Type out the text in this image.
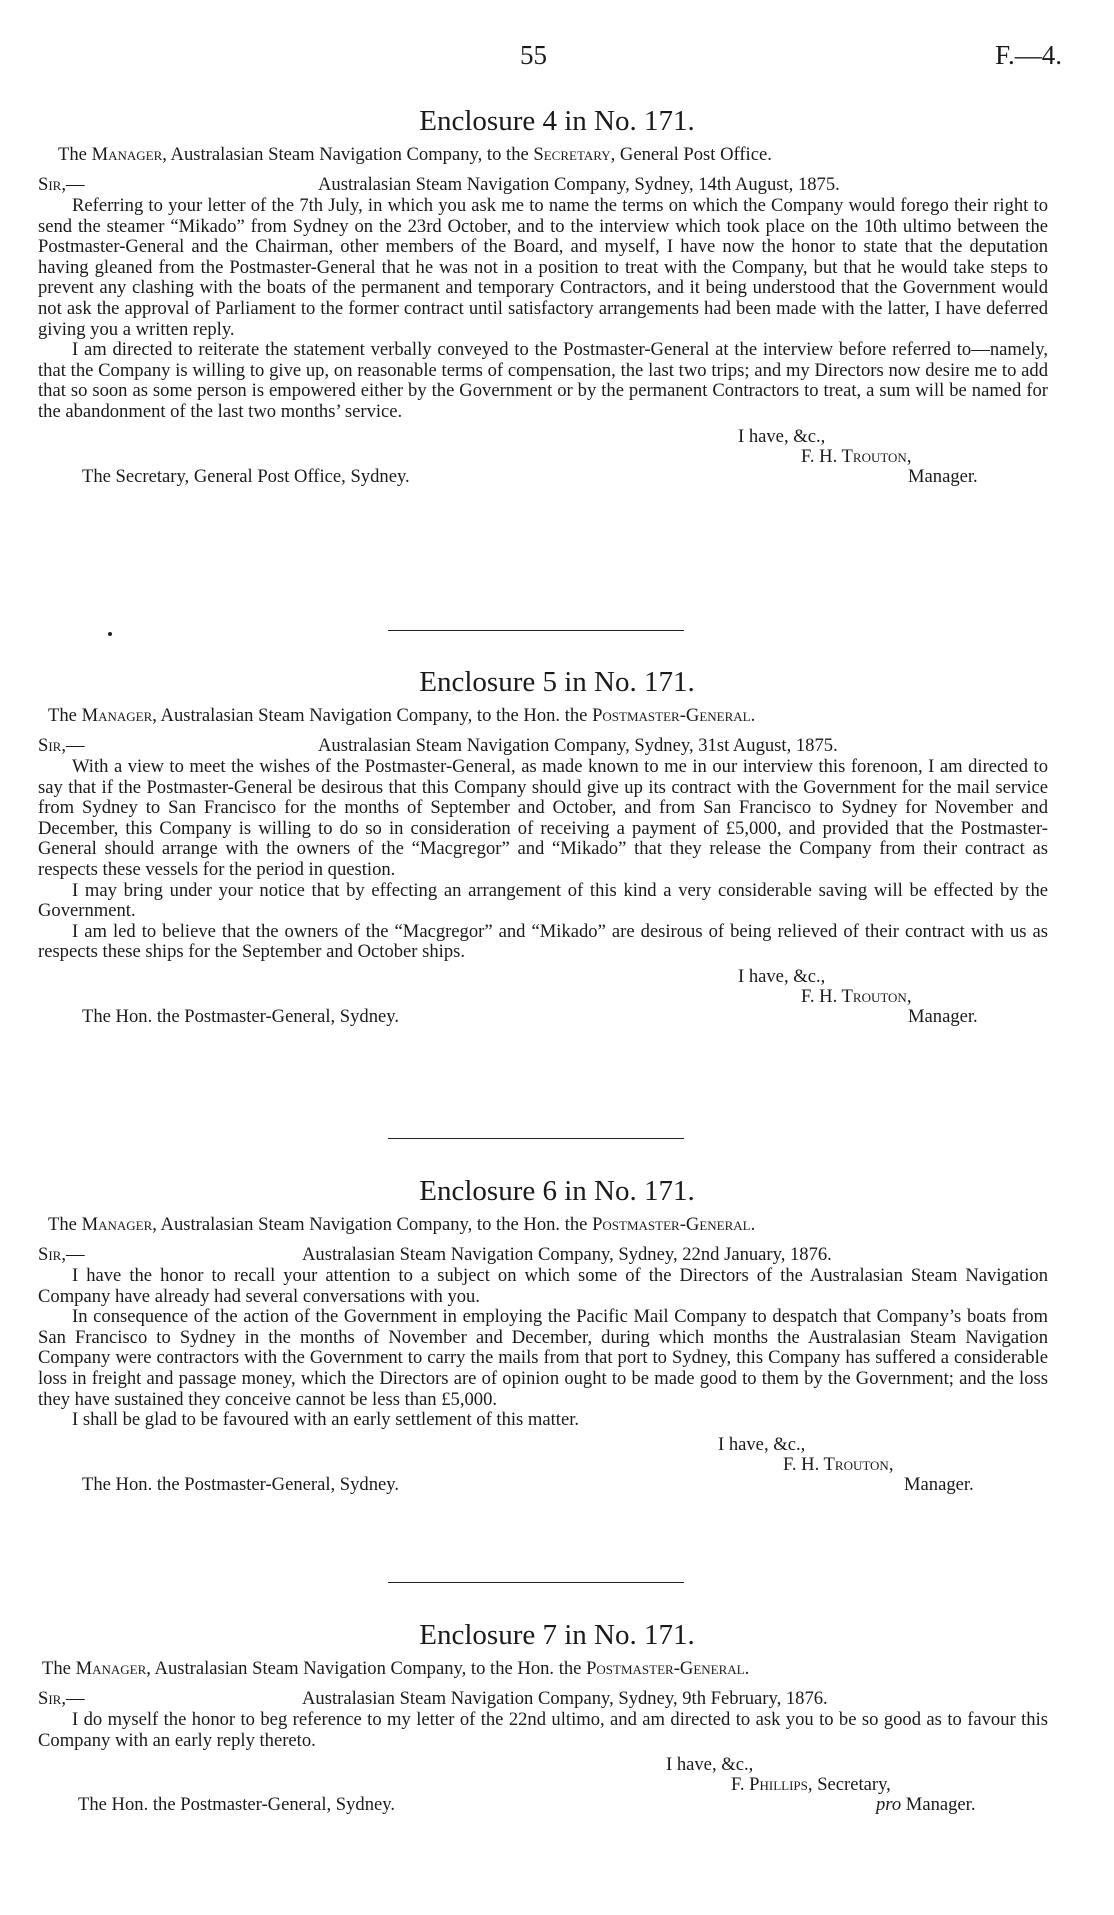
55	F.—4.
Enclosure 4 in No. 171.
The Manager, Australasian Steam Navigation Company, to the Secretary, General Post Office.
Sir,—	Australasian Steam Navigation Company, Sydney, 14th August, 1875.

Referring to your letter of the 7th July, in which you ask me to name the terms on which the Company would forego their right to send the steamer “Mikado” from Sydney on the 23rd October, and to the interview which took place on the 10th ultimo between the Postmaster-General and the Chairman, other members of the Board, and myself, I have now the honor to state that the deputation having gleaned from the Postmaster-General that he was not in a position to treat with the Company, but that he would take steps to prevent any clashing with the boats of the permanent and temporary Contractors, and it being understood that the Government would not ask the approval of Parliament to the former contract until satisfactory arrangements had been made with the latter, I have deferred giving you a written reply.

I am directed to reiterate the statement verbally conveyed to the Postmaster-General at the interview before referred to—namely, that the Company is willing to give up, on reasonable terms of compensation, the last two trips; and my Directors now desire me to add that so soon as some person is empowered either by the Government or by the permanent Contractors to treat, a sum will be named for the abandonment of the last two months’ service.

I have, &c.,
F. H. Trouton,
Manager.
The Secretary, General Post Office, Sydney.
Enclosure 5 in No. 171.
The Manager, Australasian Steam Navigation Company, to the Hon. the Postmaster-General.
Sir,—	Australasian Steam Navigation Company, Sydney, 31st August, 1875.

With a view to meet the wishes of the Postmaster-General, as made known to me in our interview this forenoon, I am directed to say that if the Postmaster-General be desirous that this Company should give up its contract with the Government for the mail service from Sydney to San Francisco for the months of September and October, and from San Francisco to Sydney for November and December, this Company is willing to do so in consideration of receiving a payment of £5,000, and provided that the Postmaster-General should arrange with the owners of the “Macgregor” and “Mikado” that they release the Company from their contract as respects these vessels for the period in question.

I may bring under your notice that by effecting an arrangement of this kind a very considerable saving will be effected by the Government.

I am led to believe that the owners of the “Macgregor” and “Mikado” are desirous of being relieved of their contract with us as respects these ships for the September and October ships.

I have, &c.,
F. H. Trouton,
Manager.
The Hon. the Postmaster-General, Sydney.
Enclosure 6 in No. 171.
The Manager, Australasian Steam Navigation Company, to the Hon. the Postmaster-General.
Sir,—	Australasian Steam Navigation Company, Sydney, 22nd January, 1876.

I have the honor to recall your attention to a subject on which some of the Directors of the Australasian Steam Navigation Company have already had several conversations with you.

In consequence of the action of the Government in employing the Pacific Mail Company to despatch that Company’s boats from San Francisco to Sydney in the months of November and December, during which months the Australasian Steam Navigation Company were contractors with the Government to carry the mails from that port to Sydney, this Company has suffered a considerable loss in freight and passage money, which the Directors are of opinion ought to be made good to them by the Government; and the loss they have sustained they conceive cannot be less than £5,000.

I shall be glad to be favoured with an early settlement of this matter.

I have, &c.,
F. H. Trouton,
Manager.
The Hon. the Postmaster-General, Sydney.
Enclosure 7 in No. 171.
The Manager, Australasian Steam Navigation Company, to the Hon. the Postmaster-General.
Sir,—	Australasian Steam Navigation Company, Sydney, 9th February, 1876.

I do myself the honor to beg reference to my letter of the 22nd ultimo, and am directed to ask you to be so good as to favour this Company with an early reply thereto.

I have, &c.,
F. Phillips, Secretary,
pro Manager.
The Hon. the Postmaster-General, Sydney.
